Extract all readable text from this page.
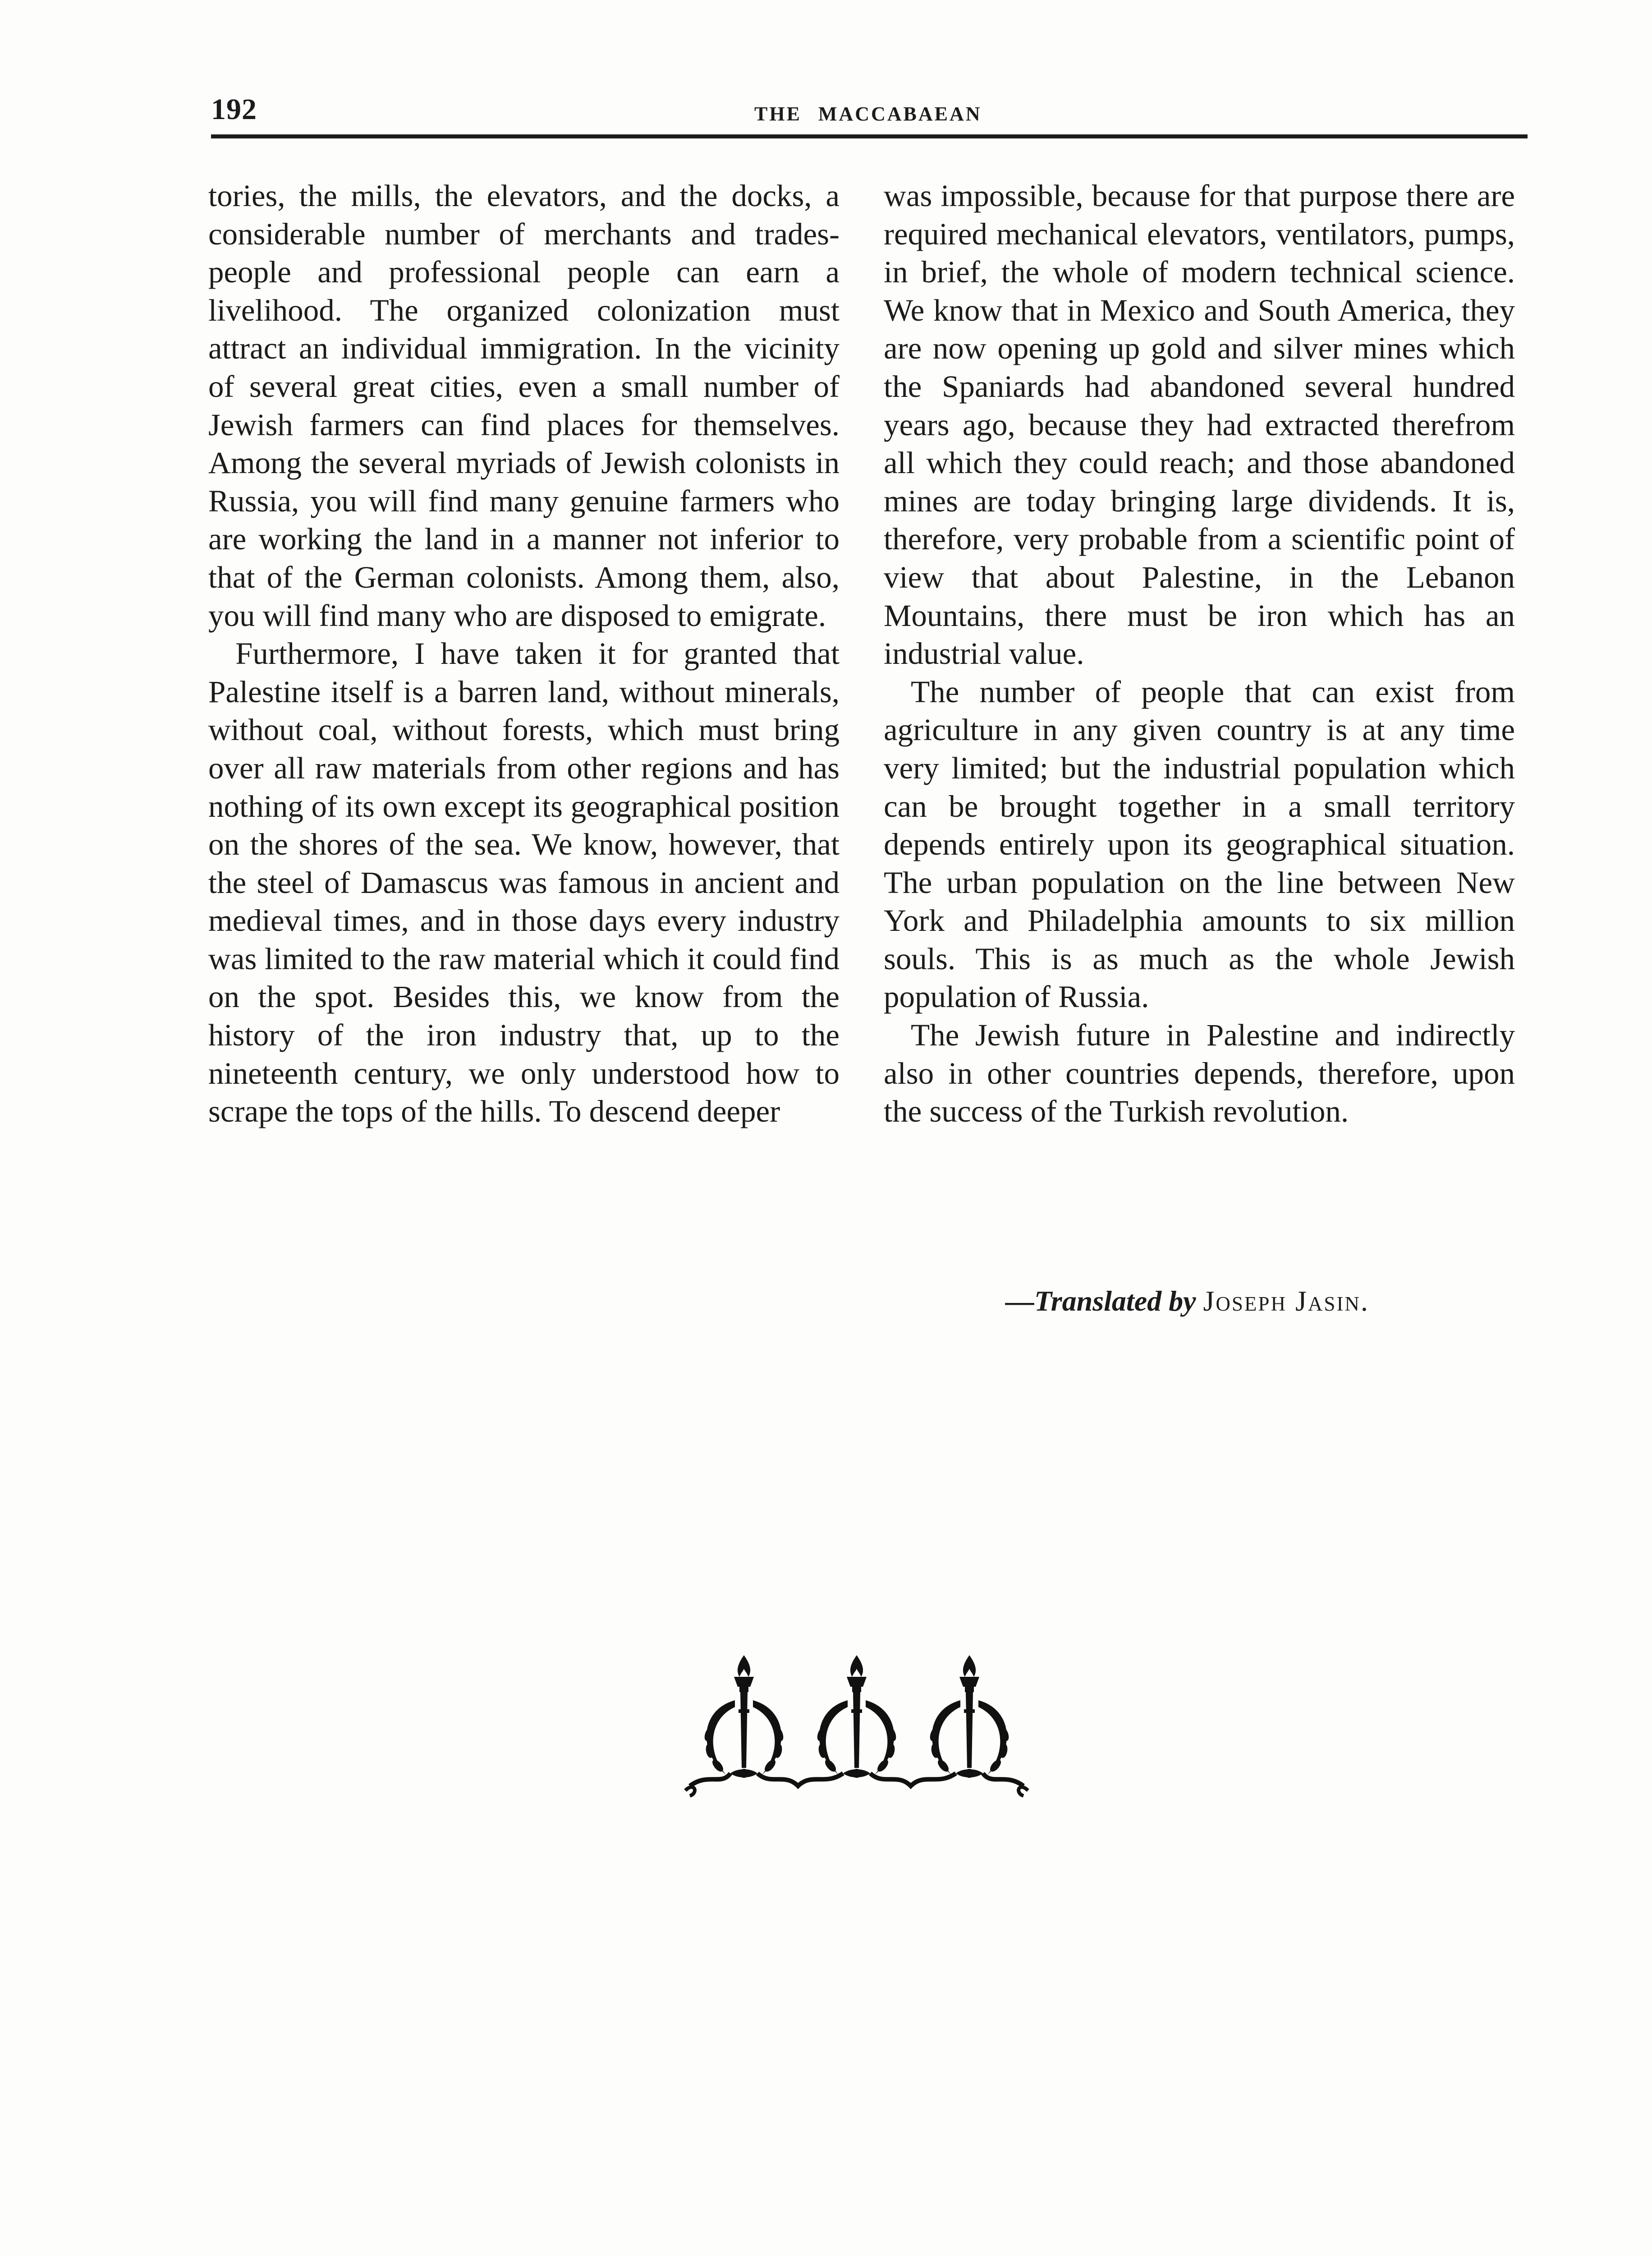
192	THE MACCABAEAN

tories, the mills, the elevators, and the docks, a considerable number of merchants and trades-people and professional people can earn a livelihood. The organized colonization must attract an individual immigration. In the vicinity of several great cities, even a small number of Jewish farmers can find places for themselves. Among the several myriads of Jewish colonists in Russia, you will find many genuine farmers who are working the land in a manner not inferior to that of the German colonists. Among them, also, you will find many who are disposed to emigrate.

Furthermore, I have taken it for granted that Palestine itself is a barren land, without minerals, without coal, without forests, which must bring over all raw materials from other regions and has nothing of its own except its geographical position on the shores of the sea. We know, however, that the steel of Damascus was famous in ancient and medieval times, and in those days every industry was limited to the raw material which it could find on the spot. Besides this, we know from the history of the iron industry that, up to the nineteenth century, we only understood how to scrape the tops of the hills. To descend deeper

was impossible, because for that purpose there are required mechanical elevators, ventilators, pumps, in brief, the whole of modern technical science. We know that in Mexico and South America, they are now opening up gold and silver mines which the Spaniards had abandoned several hundred years ago, because they had extracted therefrom all which they could reach; and those abandoned mines are today bringing large dividends. It is, therefore, very probable from a scientific point of view that about Palestine, in the Lebanon Mountains, there must be iron which has an industrial value.

The number of people that can exist from agriculture in any given country is at any time very limited; but the industrial population which can be brought together in a small territory depends entirely upon its geographical situation. The urban population on the line between New York and Philadelphia amounts to six million souls. This is as much as the whole Jewish population of Russia.

The Jewish future in Palestine and indirectly also in other countries depends, therefore, upon the success of the Turkish revolution.

—Translated by Joseph Jasin.
